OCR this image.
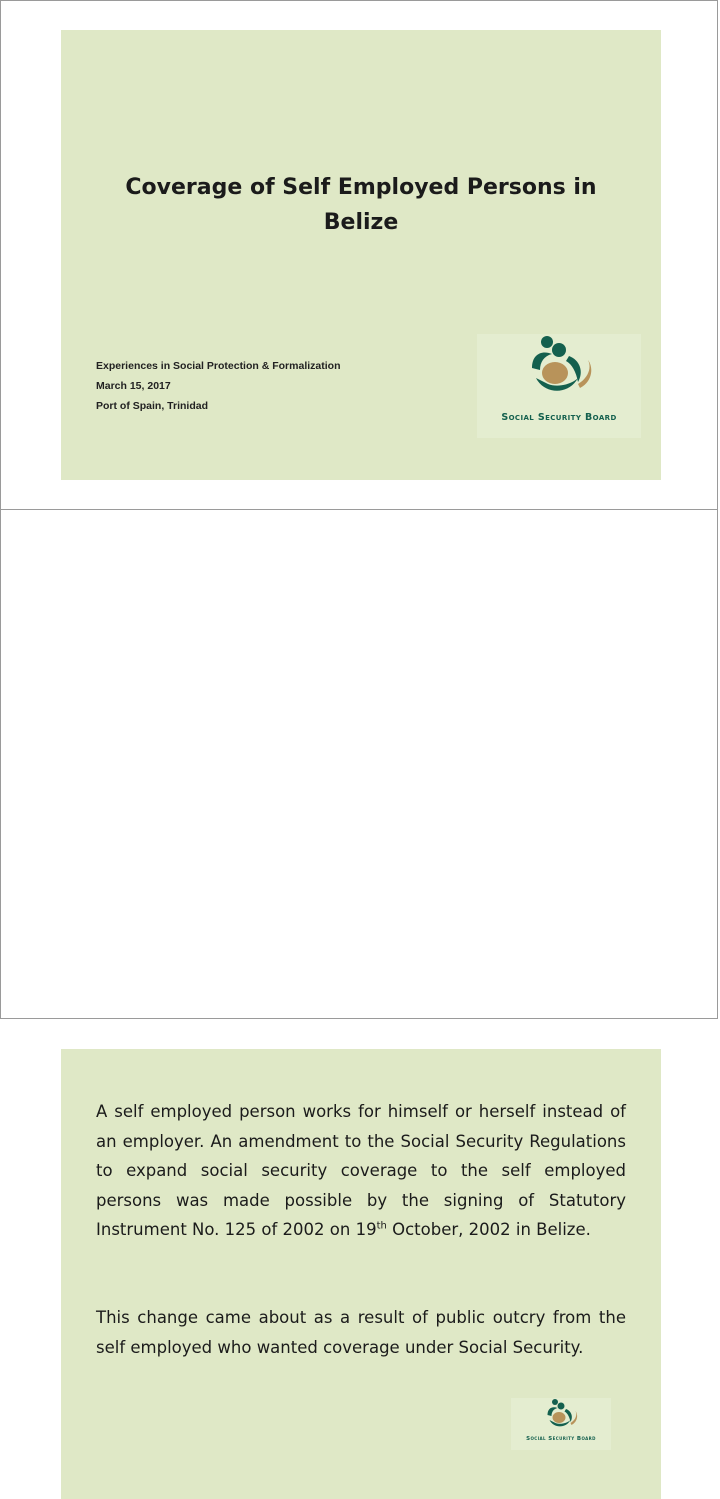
Coverage of Self Employed Persons in
Belize
Experiences in Social Protection & Formalization
March 15, 2017
Port of Spain, Trinidad
Social Security Board
A self employed person works for himself or herself instead of an employer. An amendment to the Social Security Regulations to expand social security coverage to the self employed persons was made possible by the signing of Statutory Instrument No. 125 of 2002 on 19th October, 2002 in Belize.
This change came about as a result of public outcry from the self employed who wanted coverage under Social Security.
Social Security Board
